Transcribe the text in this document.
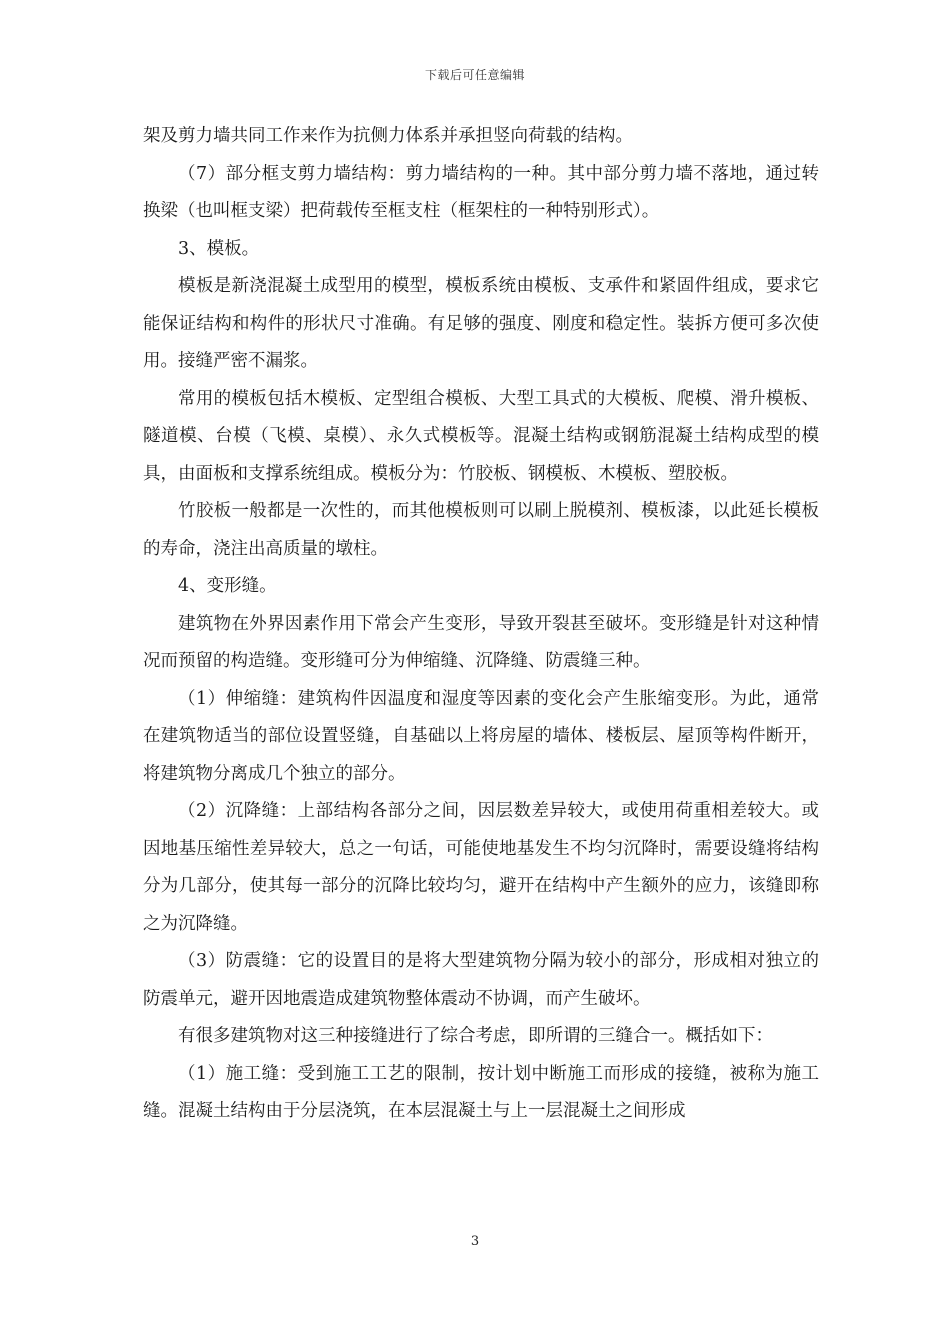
下载后可任意编辑

架及剪力墙共同工作来作为抗侧力体系并承担竖向荷载的结构。

（7）部分框支剪力墙结构：剪力墙结构的一种。其中部分剪力墙不落地，通过转换梁（也叫框支梁）把荷载传至框支柱（框架柱的一种特别形式）。

3、模板。

模板是新浇混凝土成型用的模型，模板系统由模板、支承件和紧固件组成，要求它能保证结构和构件的形状尺寸准确。有足够的强度、刚度和稳定性。装拆方便可多次使用。接缝严密不漏浆。

常用的模板包括木模板、定型组合模板、大型工具式的大模板、爬模、滑升模板、隧道模、台模（飞模、桌模）、永久式模板等。混凝土结构或钢筋混凝土结构成型的模具，由面板和支撑系统组成。模板分为：竹胶板、钢模板、木模板、塑胶板。

竹胶板一般都是一次性的，而其他模板则可以刷上脱模剂、模板漆，以此延长模板的寿命，浇注出高质量的墩柱。

4、变形缝。

建筑物在外界因素作用下常会产生变形，导致开裂甚至破坏。变形缝是针对这种情况而预留的构造缝。变形缝可分为伸缩缝、沉降缝、防震缝三种。

（1）伸缩缝：建筑构件因温度和湿度等因素的变化会产生胀缩变形。为此，通常在建筑物适当的部位设置竖缝，自基础以上将房屋的墙体、楼板层、屋顶等构件断开，将建筑物分离成几个独立的部分。

（2）沉降缝：上部结构各部分之间，因层数差异较大，或使用荷重相差较大。或因地基压缩性差异较大，总之一句话，可能使地基发生不均匀沉降时，需要设缝将结构分为几部分，使其每一部分的沉降比较均匀，避开在结构中产生额外的应力，该缝即称之为沉降缝。

（3）防震缝：它的设置目的是将大型建筑物分隔为较小的部分，形成相对独立的防震单元，避开因地震造成建筑物整体震动不协调，而产生破坏。

有很多建筑物对这三种接缝进行了综合考虑，即所谓的三缝合一。概括如下：

（1）施工缝：受到施工工艺的限制，按计划中断施工而形成的接缝，被称为施工缝。混凝土结构由于分层浇筑，在本层混凝土与上一层混凝土之间形成

3
